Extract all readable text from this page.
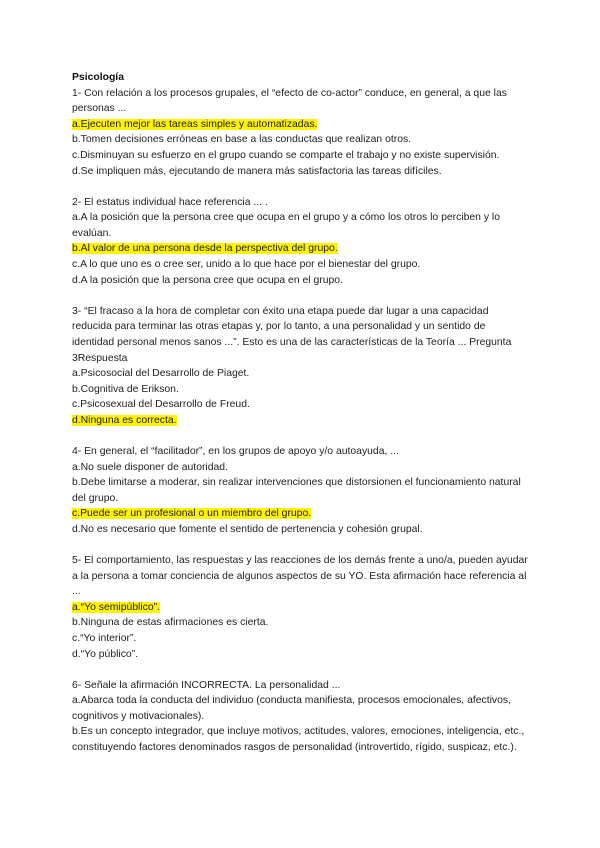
Psicología
1- Con relación a los procesos grupales, el “efecto de co-actor” conduce, en general, a que las personas ...
a.Ejecuten mejor las tareas simples y automatizadas.
b.Tomen decisiones erróneas en base a las conductas que realizan otros.
c.Disminuyan su esfuerzo en el grupo cuando se comparte el trabajo y no existe supervisión.
d.Se impliquen más, ejecutando de manera más satisfactoria las tareas difíciles.
2- El estatus individual hace referencia ... .
a.A la posición que la persona cree que ocupa en el grupo y a cómo los otros lo perciben y lo evalúan.
b.Al valor de una persona desde la perspectiva del grupo.
c.A lo que uno es o cree ser, unido a lo que hace por el bienestar del grupo.
d.A la posición que la persona cree que ocupa en el grupo.
3- “El fracaso a la hora de completar con éxito una etapa puede dar lugar a una capacidad reducida para terminar las otras etapas y, por lo tanto, a una personalidad y un sentido de identidad personal menos sanos ...”. Esto es una de las características de la Teoría ... Pregunta 3Respuesta
a.Psicosocial del Desarrollo de Piaget.
b.Cognitiva de Erikson.
c.Psicosexual del Desarrollo de Freud.
d.Ninguna es correcta.
4- En general, el “facilitador”, en los grupos de apoyo y/o autoayuda, ...
a.No suele disponer de autoridad.
b.Debe limitarse a moderar, sin realizar intervenciones que distorsionen el funcionamiento natural del grupo.
c.Puede ser un profesional o un miembro del grupo.
d.No es necesario que fomente el sentido de pertenencia y cohesión grupal.
5- El comportamiento, las respuestas y las reacciones de los demás frente a uno/a, pueden ayudar a la persona a tomar conciencia de algunos aspectos de su YO. Esta afirmación hace referencia al ...
a.“Yo semipúblico”.
b.Ninguna de estas afirmaciones es cierta.
c.“Yo interior”.
d.“Yo público”.
6- Señale la afirmación INCORRECTA. La personalidad ...
a.Abarca toda la conducta del individuo (conducta manifiesta, procesos emocionales, afectivos, cognitivos y motivacionales).
b.Es un concepto integrador, que incluye motivos, actitudes, valores, emociones, inteligencia, etc., constituyendo factores denominados rasgos de personalidad (introvertido, rígido, suspicaz, etc.).
